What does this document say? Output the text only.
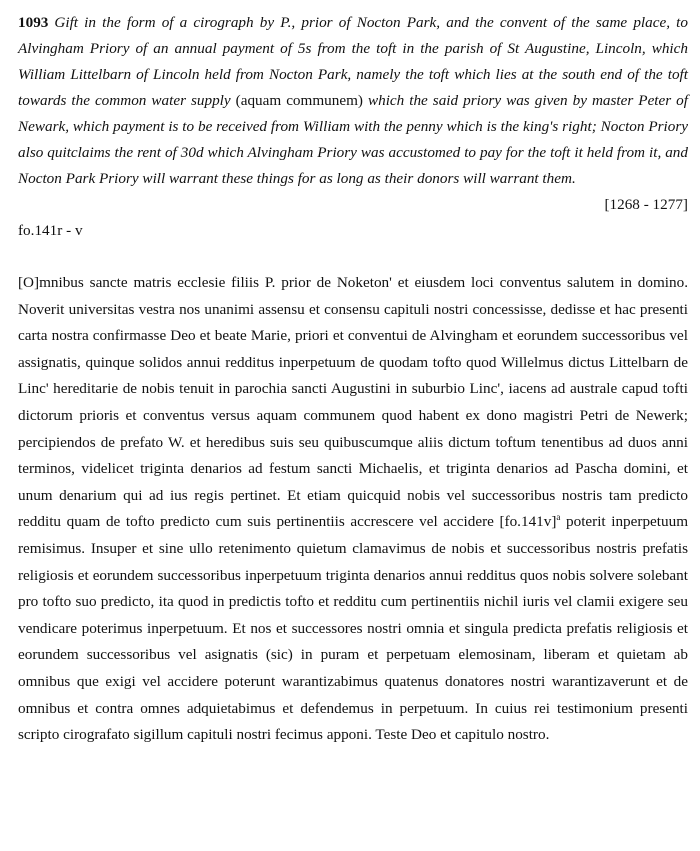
1093 Gift in the form of a cirograph by P., prior of Nocton Park, and the convent of the same place, to Alvingham Priory of an annual payment of 5s from the toft in the parish of St Augustine, Lincoln, which William Littelbarn of Lincoln held from Nocton Park, namely the toft which lies at the south end of the toft towards the common water supply (aquam communem) which the said priory was given by master Peter of Newark, which payment is to be received from William with the penny which is the king's right; Nocton Priory also quitclaims the rent of 30d which Alvingham Priory was accustomed to pay for the toft it held from it, and Nocton Park Priory will warrant these things for as long as their donors will warrant them.
[1268 - 1277]

fo.141r - v

[O]mnibus sancte matris ecclesie filiis P. prior de Noketon' et eiusdem loci conventus salutem in domino. Noverit universitas vestra nos unanimi assensu et consensu capituli nostri concessisse, dedisse et hac presenti carta nostra confirmasse Deo et beate Marie, priori et conventui de Alvingham et eorundem successoribus vel assignatis, quinque solidos annui redditus inperpetuum de quodam tofto quod Willelmus dictus Littelbarn de Linc' hereditarie de nobis tenuit in parochia sancti Augustini in suburbio Linc', iacens ad australe capud tofti dictorum prioris et conventus versus aquam communem quod habent ex dono magistri Petri de Newerk; percipiendos de prefato W. et heredibus suis seu quibuscumque aliis dictum toftum tenentibus ad duos anni terminos, videlicet triginta denarios ad festum sancti Michaelis, et triginta denarios ad Pascha domini, et unum denarium qui ad ius regis pertinet. Et etiam quicquid nobis vel successoribus nostris tam predicto redditu quam de tofto predicto cum suis pertinentiis accrescere vel accidere $[fo.141v]^a$ poterit inperpetuum remisimus. Insuper et sine ullo retenimento quietum clamavimus de nobis et successoribus nostris prefatis religiosis et eorundem successoribus inperpetuum triginta denarios annui redditus quos nobis solvere solebant pro tofto suo predicto, ita quod in predictis tofto et redditu cum pertinentiis nichil iuris vel clamii exigere seu vendicare poterimus inperpetuum. Et nos et successores nostri omnia et singula predicta prefatis religiosis et eorundem successoribus vel asignatis (sic) in puram et perpetuam elemosinam, liberam et quietam ab omnibus que exigi vel accidere poterunt warantizabimus quatenus donatores nostri warantizaverunt et de omnibus et contra omnes adquietabimus et defendemus in perpetuum. In cuius rei testimonium presenti scripto cirografato sigillum capituli nostri fecimus apponi. Teste Deo et capitulo nostro.
